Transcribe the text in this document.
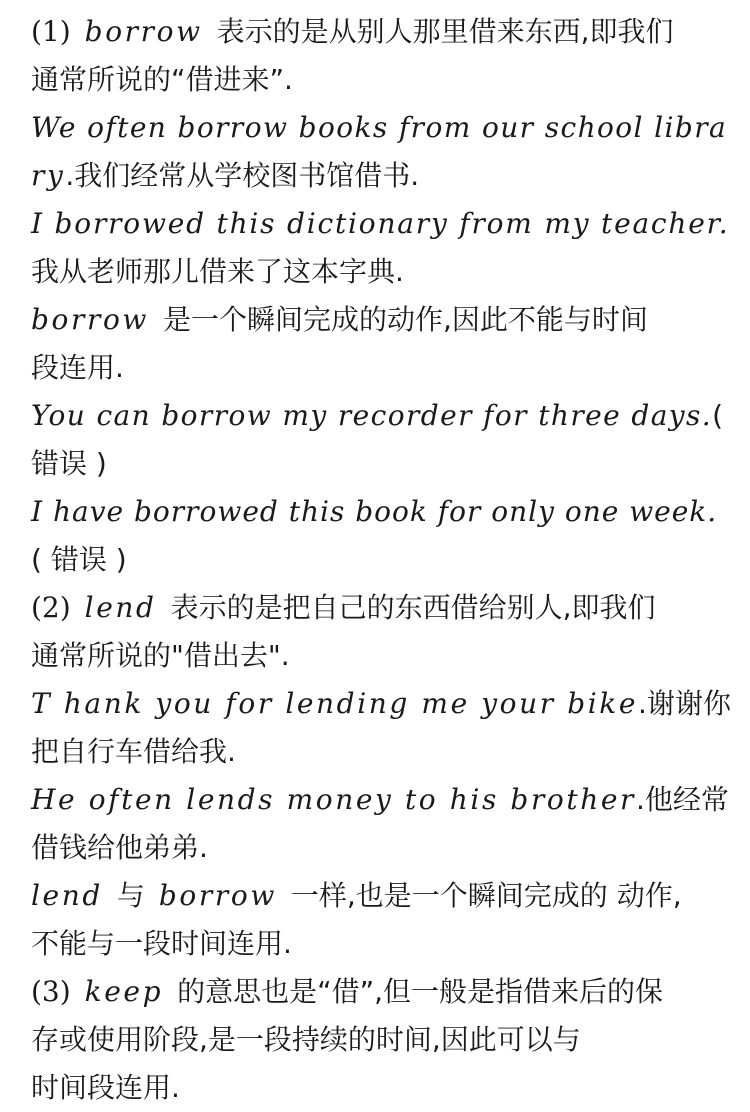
(1) borrow 表示的是从别人那里借来东西,即我们
通常所说的“借进来”.
We often borrow books from our school libra
ry.我们经常从学校图书馆借书.
I borrowed this dictionary from my teacher.
我从老师那儿借来了这本字典.
borrow 是一个瞬间完成的动作,因此不能与时间
段连用.
You can borrow my recorder for three days.(
错误 )
I have borrowed this book for only one week.
( 错误 )
(2) lend 表示的是把自己的东西借给别人,即我们
通常所说的"借出去".
T hank you for lending me your bike.谢谢你
把自行车借给我.
He often lends money to his brother.他经常
借钱给他弟弟.
lend 与 borrow 一样,也是一个瞬间完成的 动作,
不能与一段时间连用.
(3) keep 的意思也是“借”,但一般是指借来后的保
存或使用阶段,是一段持续的时间,因此可以与
时间段连用.
